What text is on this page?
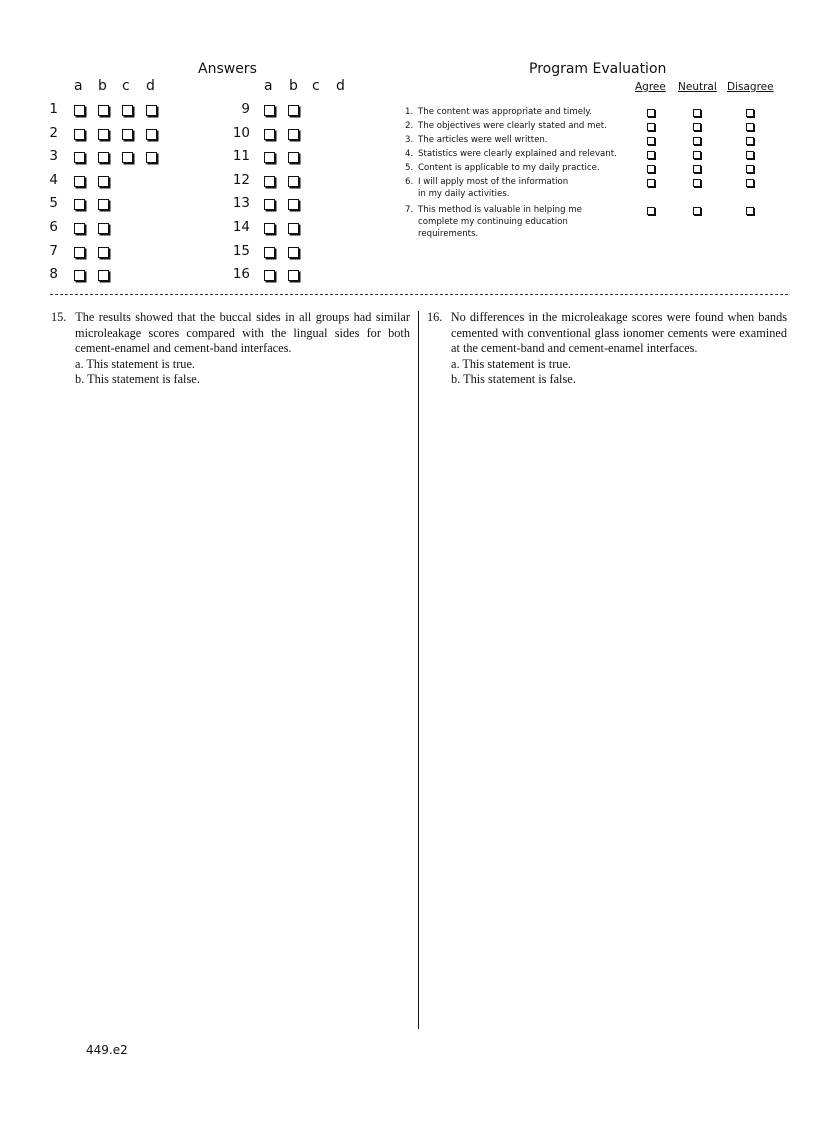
Answers
a b c d	a b c d
1
2
3
4
5
6
7
8
9
10
11
12
13
14
15
16
Program Evaluation
Agree Neutral Disagree
1. The content was appropriate and timely.
2. The objectives were clearly stated and met.
3. The articles were well written.
4. Statistics were clearly explained and relevant.
5. Content is applicable to my daily practice.
6. I will apply most of the information
in my daily activities.
7. This method is valuable in helping me
complete my continuing education
requirements.
15. The results showed that the buccal sides in all groups had similar microleakage scores compared with the lingual sides for both cement-enamel and cement-band interfaces.
a. This statement is true.
b. This statement is false.
16. No differences in the microleakage scores were found when bands cemented with conventional glass ionomer cements were examined at the cement-band and cement-enamel interfaces.
a. This statement is true.
b. This statement is false.
449.e2
